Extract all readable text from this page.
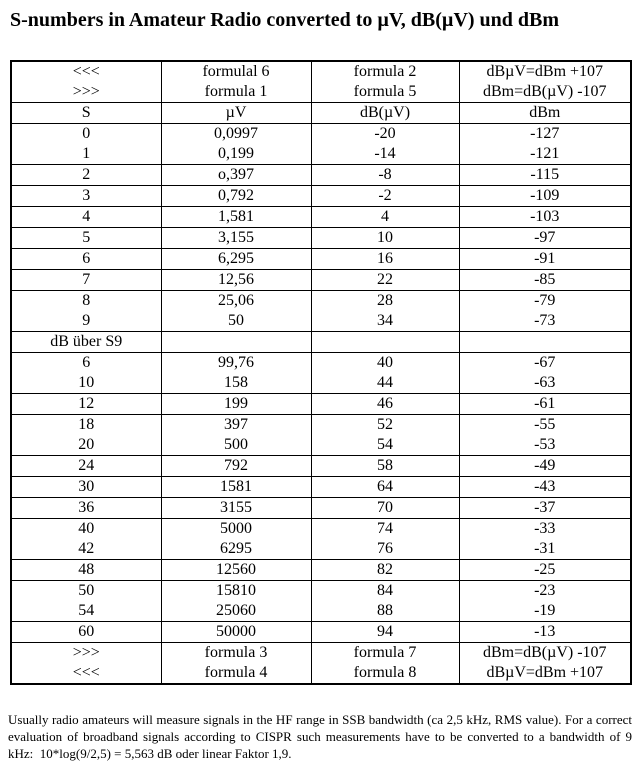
S-numbers in Amateur Radio converted to µV, dB(µV) und dBm
<<<	formulal 6	formula 2	dBµV=dBm +107
>>>	formula 1	formula 5	dBm=dB(µV) -107
S	µV	dB(µV)	dBm
0	0,0997	-20	-127
1	0,199	-14	-121
2	o,397	-8	-115
3	0,792	-2	-109
4	1,581	4	-103
5	3,155	10	-97
6	6,295	16	-91
7	12,56	22	-85
8	25,06	28	-79
9	50	34	-73
dB über S9			
6	99,76	40	-67
10	158	44	-63
12	199	46	-61
18	397	52	-55
20	500	54	-53
24	792	58	-49
30	1581	64	-43
36	3155	70	-37
40	5000	74	-33
42	6295	76	-31
48	12560	82	-25
50	15810	84	-23
54	25060	88	-19
60	50000	94	-13
>>>	formula 3	formula 7	dBm=dB(µV) -107
<<<	formula 4	formula 8	dBµV=dBm +107

Usually radio amateurs will measure signals in the HF range in SSB bandwidth (ca 2,5 kHz, RMS value). For a correct evaluation of broadband signals according to CISPR such measurements have to be converted to a bandwidth of 9 kHz:  10*log(9/2,5) = 5,563 dB oder linear Faktor 1,9.
